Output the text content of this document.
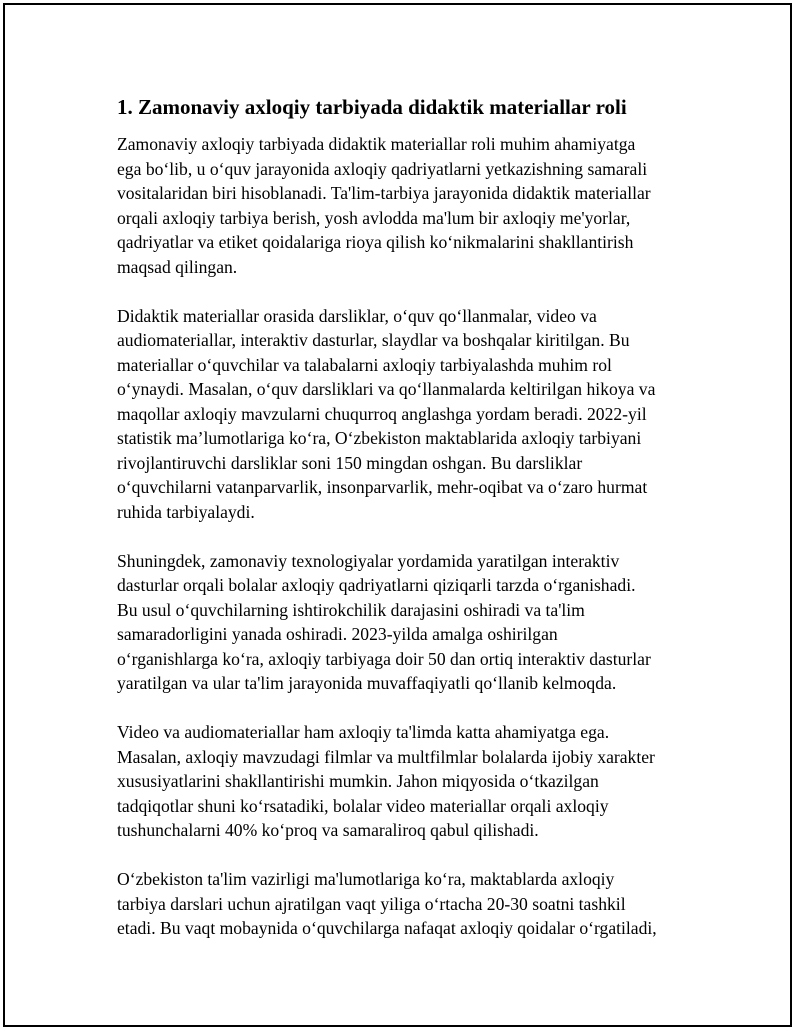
1. Zamonaviy axloqiy tarbiyada didaktik materiallar roli

Zamonaviy axloqiy tarbiyada didaktik materiallar roli muhim ahamiyatga
ega bo‘lib, u o‘quv jarayonida axloqiy qadriyatlarni yetkazishning samarali
vositalaridan biri hisoblanadi. Ta'lim-tarbiya jarayonida didaktik materiallar
orqali axloqiy tarbiya berish, yosh avlodda ma'lum bir axloqiy me'yorlar,
qadriyatlar va etiket qoidalariga rioya qilish ko‘nikmalarini shakllantirish
maqsad qilingan.

Didaktik materiallar orasida darsliklar, o‘quv qo‘llanmalar, video va
audiomateriallar, interaktiv dasturlar, slaydlar va boshqalar kiritilgan. Bu
materiallar o‘quvchilar va talabalarni axloqiy tarbiyalashda muhim rol
o‘ynaydi. Masalan, o‘quv darsliklari va qo‘llanmalarda keltirilgan hikoya va
maqollar axloqiy mavzularni chuqurroq anglashga yordam beradi. 2022-yil
statistik ma’lumotlariga ko‘ra, O‘zbekiston maktablarida axloqiy tarbiyani
rivojlantiruvchi darsliklar soni 150 mingdan oshgan. Bu darsliklar
o‘quvchilarni vatanparvarlik, insonparvarlik, mehr-oqibat va o‘zaro hurmat
ruhida tarbiyalaydi.

Shuningdek, zamonaviy texnologiyalar yordamida yaratilgan interaktiv
dasturlar orqali bolalar axloqiy qadriyatlarni qiziqarli tarzda o‘rganishadi.
Bu usul o‘quvchilarning ishtirokchilik darajasini oshiradi va ta'lim
samaradorligini yanada oshiradi. 2023-yilda amalga oshirilgan
o‘rganishlarga ko‘ra, axloqiy tarbiyaga doir 50 dan ortiq interaktiv dasturlar
yaratilgan va ular ta'lim jarayonida muvaffaqiyatli qo‘llanib kelmoqda.

Video va audiomateriallar ham axloqiy ta'limda katta ahamiyatga ega.
Masalan, axloqiy mavzudagi filmlar va multfilmlar bolalarda ijobiy xarakter
xususiyatlarini shakllantirishi mumkin. Jahon miqyosida o‘tkazilgan
tadqiqotlar shuni ko‘rsatadiki, bolalar video materiallar orqali axloqiy
tushunchalarni 40% ko‘proq va samaraliroq qabul qilishadi.

O‘zbekiston ta'lim vazirligi ma'lumotlariga ko‘ra, maktablarda axloqiy
tarbiya darslari uchun ajratilgan vaqt yiliga o‘rtacha 20-30 soatni tashkil
etadi. Bu vaqt mobaynida o‘quvchilarga nafaqat axloqiy qoidalar o‘rgatiladi,
